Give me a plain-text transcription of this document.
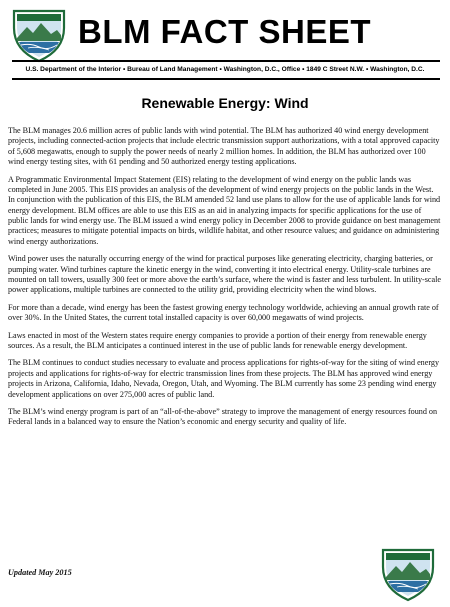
BLM FACT SHEET
U.S. Department of the Interior • Bureau of Land Management • Washington, D.C., Office • 1849 C Street N.W. • Washington, D.C.
Renewable Energy: Wind

The BLM manages 20.6 million acres of public lands with wind potential. The BLM has authorized 40 wind energy development projects, including connected-action projects that include electric transmission support authorizations, with a total approved capacity of 5,608 megawatts, enough to supply the power needs of nearly 2 million homes. In addition, the BLM has authorized over 100 wind energy testing sites, with 61 pending and 50 authorized energy testing applications.

A Programmatic Environmental Impact Statement (EIS) relating to the development of wind energy on the public lands was completed in June 2005. This EIS provides an analysis of the development of wind energy projects on the public lands in the West. In conjunction with the publication of this EIS, the BLM amended 52 land use plans to allow for the use of applicable lands for wind energy development. BLM offices are able to use this EIS as an aid in analyzing impacts for specific applications for the use of public lands for wind energy use. The BLM issued a wind energy policy in December 2008 to provide guidance on best management practices; measures to mitigate potential impacts on birds, wildlife habitat, and other resource values; and guidance on administering wind energy authorizations.

Wind power uses the naturally occurring energy of the wind for practical purposes like generating electricity, charging batteries, or pumping water. Wind turbines capture the kinetic energy in the wind, converting it into electrical energy. Utility-scale turbines are mounted on tall towers, usually 300 feet or more above the earth’s surface, where the wind is faster and less turbulent. In utility-scale power applications, multiple turbines are connected to the utility grid, providing electricity when the wind blows.

For more than a decade, wind energy has been the fastest growing energy technology worldwide, achieving an annual growth rate of over 30%. In the United States, the current total installed capacity is over 60,000 megawatts of wind projects.

Laws enacted in most of the Western states require energy companies to provide a portion of their energy from renewable energy sources. As a result, the BLM anticipates a continued interest in the use of public lands for renewable energy development.

The BLM continues to conduct studies necessary to evaluate and process applications for rights-of-way for the siting of wind energy projects and applications for rights-of-way for electric transmission lines from these projects. The BLM has approved wind energy projects in Arizona, California, Idaho, Nevada, Oregon, Utah, and Wyoming. The BLM currently has some 23 pending wind energy development applications on over 275,000 acres of public land.

The BLM’s wind energy program is part of an “all-of-the-above” strategy to improve the management of energy resources found on Federal lands in a balanced way to ensure the Nation’s economic and energy security and quality of life.

Updated May 2015
